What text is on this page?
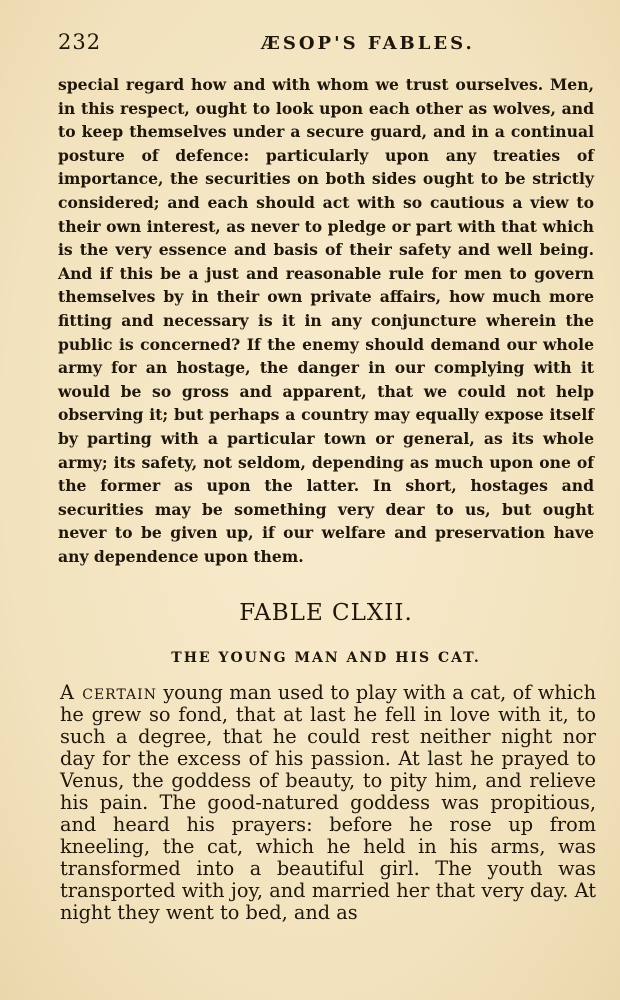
232	ÆSOP'S FABLES.

special regard how and with whom we trust ourselves. Men, in this respect, ought to look upon each other as wolves, and to keep themselves under a secure guard, and in a continual posture of defence: particularly upon any treaties of importance, the securities on both sides ought to be strictly considered; and each should act with so cautious a view to their own interest, as never to pledge or part with that which is the very essence and basis of their safety and well being. And if this be a just and reasonable rule for men to govern themselves by in their own private affairs, how much more fitting and necessary is it in any conjuncture wherein the public is concerned? If the enemy should demand our whole army for an hostage, the danger in our complying with it would be so gross and apparent, that we could not help observing it; but perhaps a country may equally expose itself by parting with a particular town or general, as its whole army; its safety, not seldom, depending as much upon one of the former as upon the latter. In short, hostages and securities may be something very dear to us, but ought never to be given up, if our welfare and preservation have any dependence upon them.

FABLE CLXII.
THE YOUNG MAN AND HIS CAT.

A certain young man used to play with a cat, of which he grew so fond, that at last he fell in love with it, to such a degree, that he could rest neither night nor day for the excess of his passion. At last he prayed to Venus, the goddess of beauty, to pity him, and relieve his pain. The good-natured goddess was propitious, and heard his prayers: before he rose up from kneeling, the cat, which he held in his arms, was transformed into a beautiful girl. The youth was transported with joy, and married her that very day. At night they went to bed, and as
